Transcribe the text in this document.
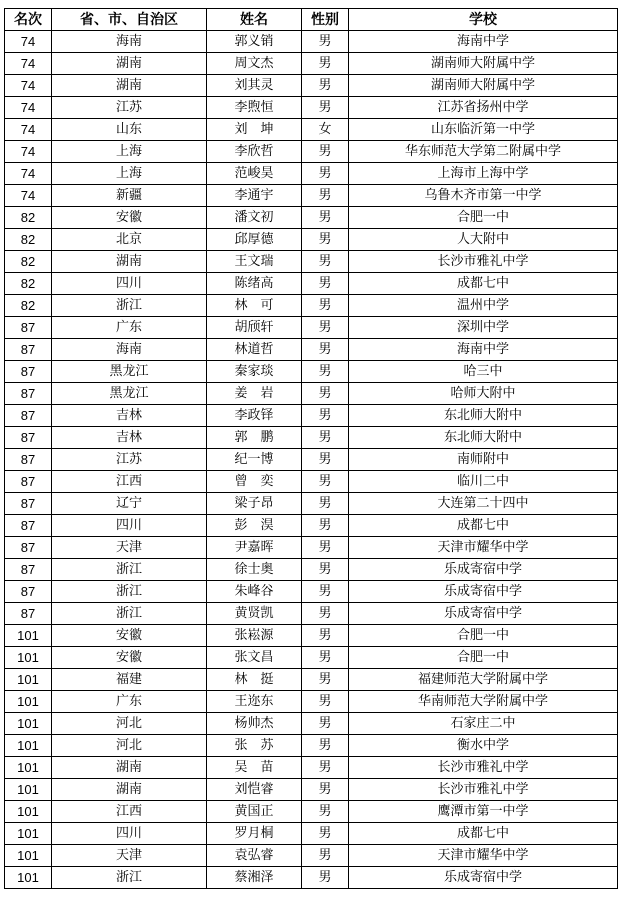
名次	省、市、自治区	姓名	性别	学校
74	海南	郭义销	男	海南中学
74	湖南	周文杰	男	湖南师大附属中学
74	湖南	刘其灵	男	湖南师大附属中学
74	江苏	李煦恒	男	江苏省扬州中学
74	山东	刘　坤	女	山东临沂第一中学
74	上海	李欣哲	男	华东师范大学第二附属中学
74	上海	范峻昊	男	上海市上海中学
74	新疆	李通宇	男	乌鲁木齐市第一中学
82	安徽	潘文初	男	合肥一中
82	北京	邱厚德	男	人大附中
82	湖南	王文瑞	男	长沙市雅礼中学
82	四川	陈绪高	男	成都七中
82	浙江	林　可	男	温州中学
87	广东	胡颀轩	男	深圳中学
87	海南	林道哲	男	海南中学
87	黑龙江	秦家琰	男	哈三中
87	黑龙江	姜　岩	男	哈师大附中
87	吉林	李政铎	男	东北师大附中
87	吉林	郭　鹏	男	东北师大附中
87	江苏	纪一博	男	南师附中
87	江西	曾　奕	男	临川二中
87	辽宁	梁子昂	男	大连第二十四中
87	四川	彭　淏	男	成都七中
87	天津	尹嘉晖	男	天津市耀华中学
87	浙江	徐士奥	男	乐成寄宿中学
87	浙江	朱峰谷	男	乐成寄宿中学
87	浙江	黄贤凯	男	乐成寄宿中学
101	安徽	张崧源	男	合肥一中
101	安徽	张文昌	男	合肥一中
101	福建	林　挺	男	福建师范大学附属中学
101	广东	王迩东	男	华南师范大学附属中学
101	河北	杨帅杰	男	石家庄二中
101	河北	张　苏	男	衡水中学
101	湖南	吴　苗	男	长沙市雅礼中学
101	湖南	刘恺睿	男	长沙市雅礼中学
101	江西	黄国正	男	鹰潭市第一中学
101	四川	罗月桐	男	成都七中
101	天津	袁弘睿	男	天津市耀华中学
101	浙江	蔡湘泽	男	乐成寄宿中学
